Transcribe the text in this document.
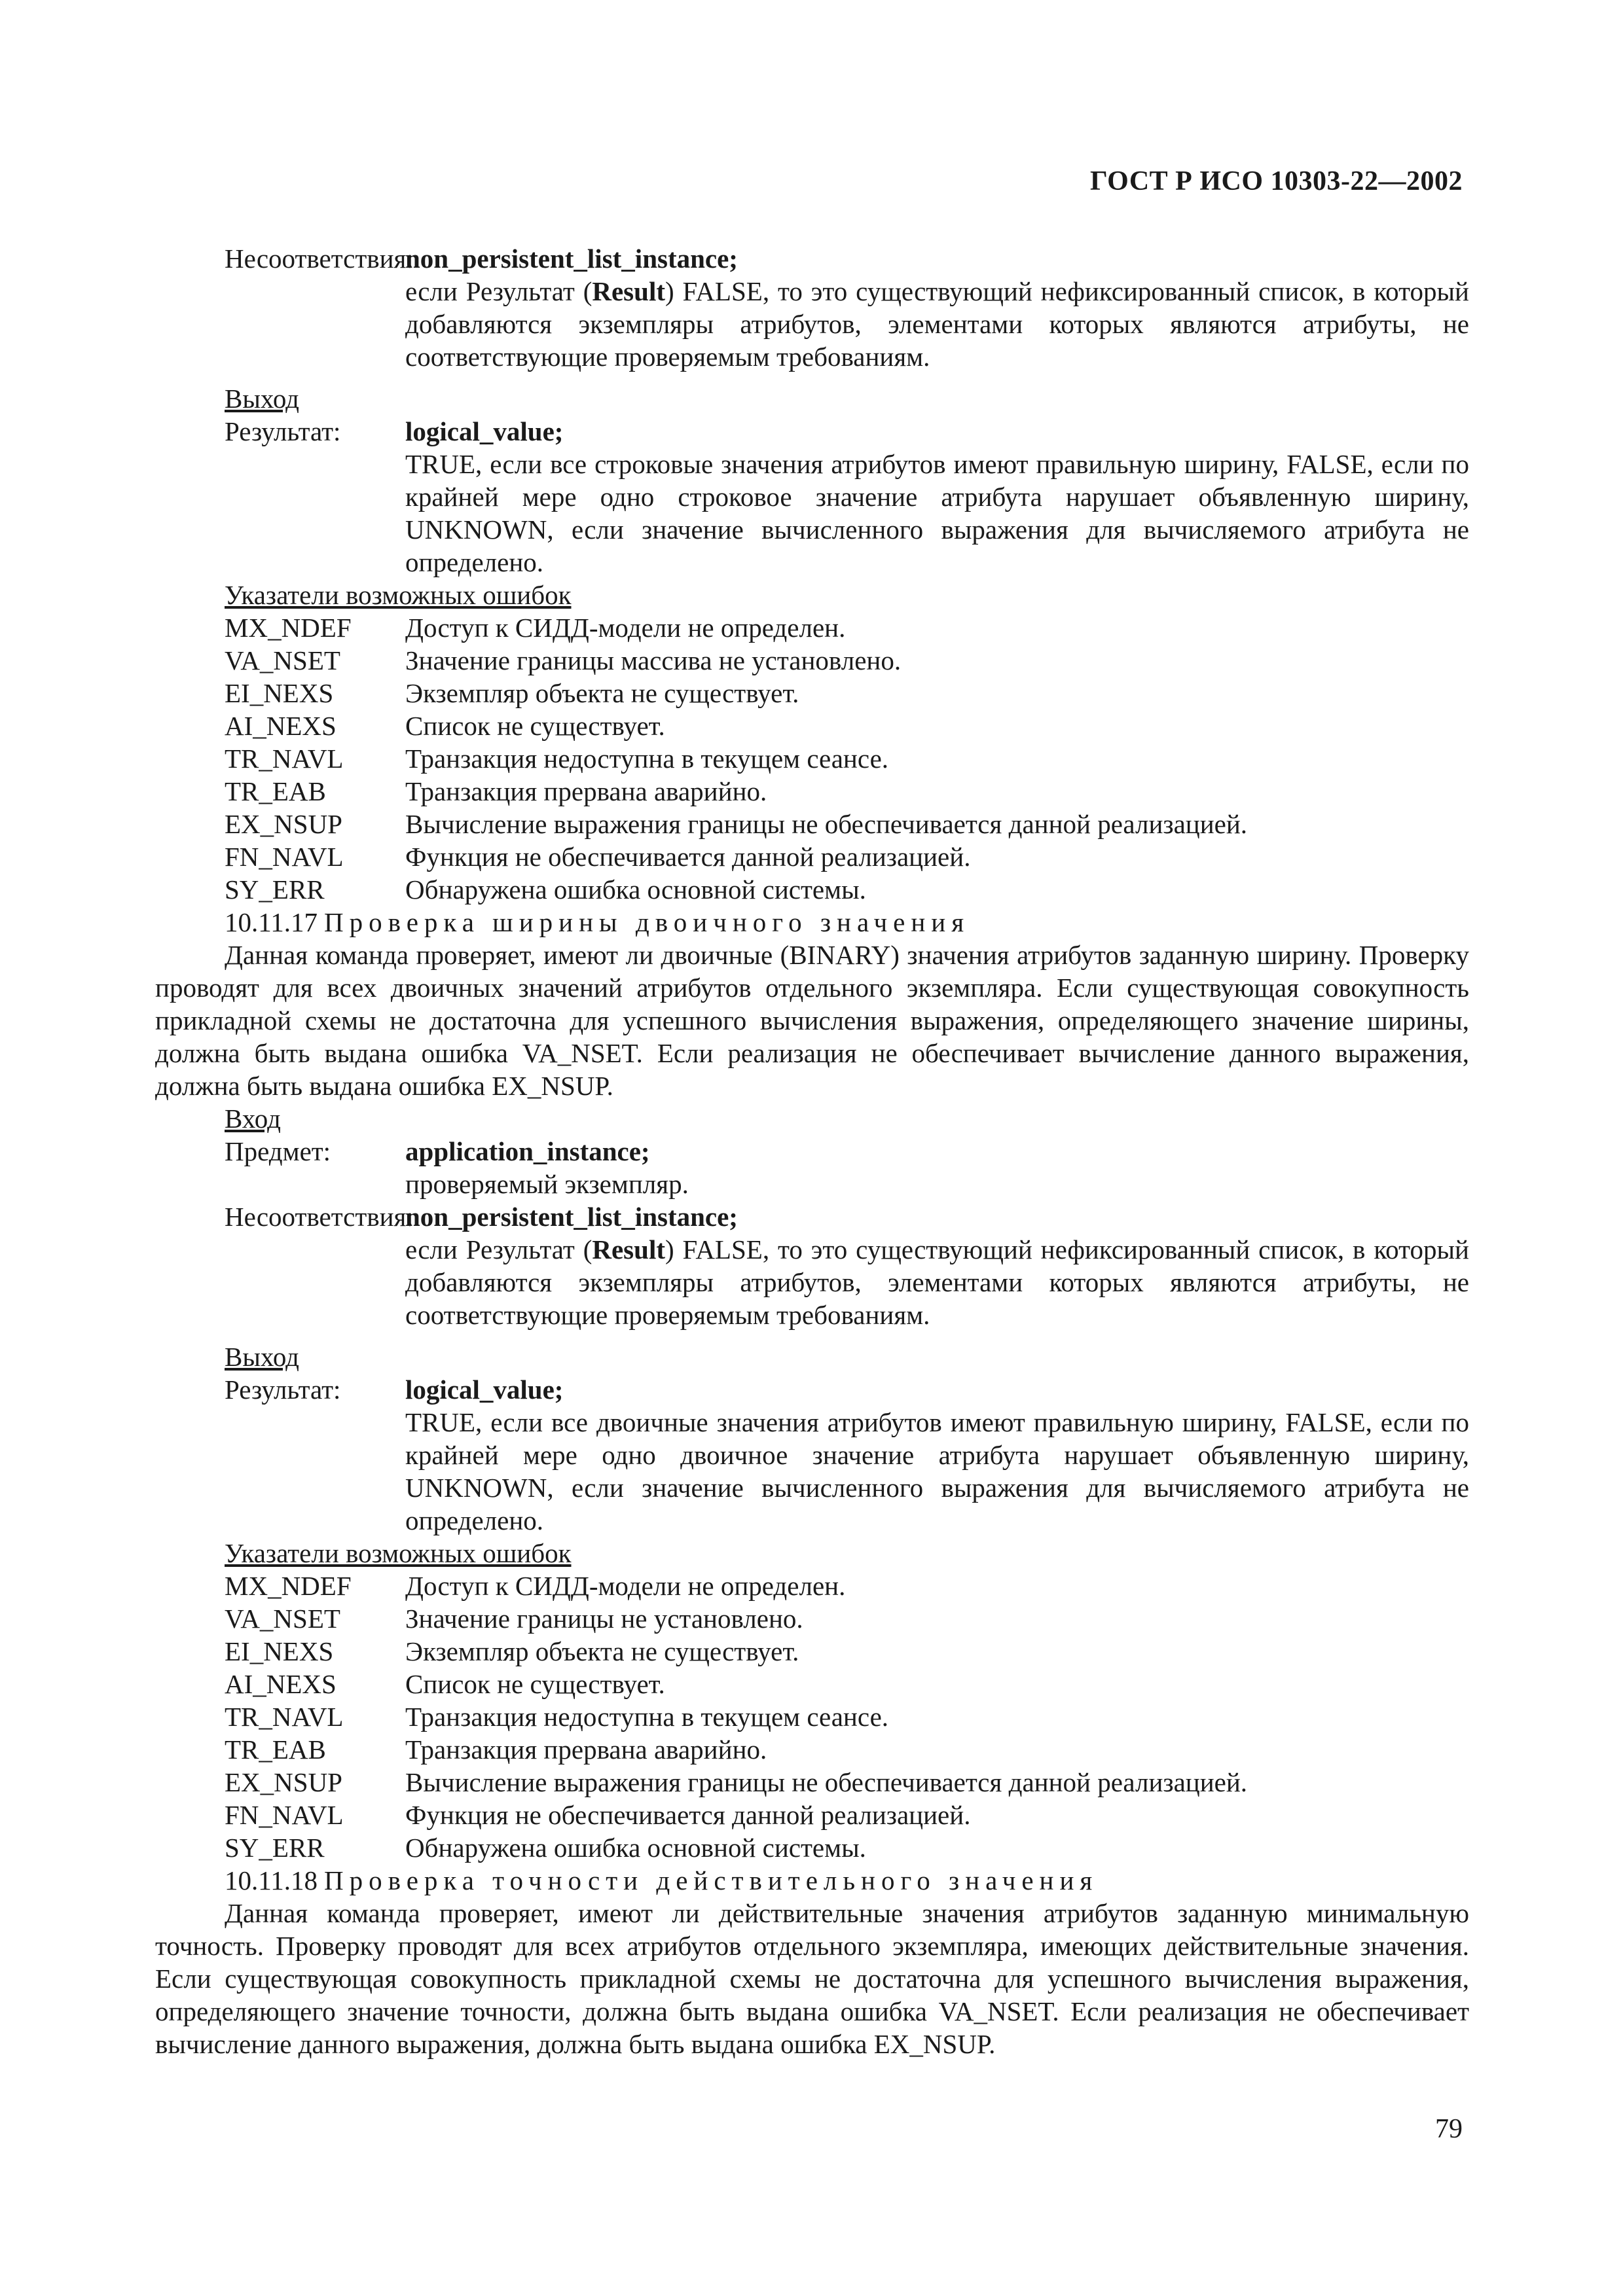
ГОСТ Р ИСО 10303-22—2002
Несоответствия:
non_persistent_list_instance;
если Результат (Result) FALSE, то это существующий нефиксированный список, в который добавляются экземпляры атрибутов, элементами которых являются атрибуты, не соответствующие проверяемым требованиям.
Выход
Результат:	logical_value;
TRUE, если все строковые значения атрибутов имеют правильную ширину, FALSE, если по крайней мере одно строковое значение атрибута нарушает объявленную ширину, UNKNOWN, если значение вычисленного выражения для вычисляемого атрибута не определено.
Указатели возможных ошибок
MX_NDEF	Доступ к СИДД-модели не определен.
VA_NSET	Значение границы массива не установлено.
EI_NEXS	Экземпляр объекта не существует.
AI_NEXS	Список не существует.
TR_NAVL	Транзакция недоступна в текущем сеансе.
TR_EAB	Транзакция прервана аварийно.
EX_NSUP	Вычисление выражения границы не обеспечивается данной реализацией.
FN_NAVL	Функция не обеспечивается данной реализацией.
SY_ERR	Обнаружена ошибка основной системы.
10.11.17 Проверка ширины двоичного значения
Данная команда проверяет, имеют ли двоичные (BINARY) значения атрибутов заданную ширину. Проверку проводят для всех двоичных значений атрибутов отдельного экземпляра. Если существующая совокупность прикладной схемы не достаточна для успешного вычисления выражения, определяющего значение ширины, должна быть выдана ошибка VA_NSET. Если реализация не обеспечивает вычисление данного выражения, должна быть выдана ошибка EX_NSUP.
Вход
Предмет:	application_instance;
проверяемый экземпляр.
Несоответствия:
non_persistent_list_instance;
если Результат (Result) FALSE, то это существующий нефиксированный список, в который добавляются экземпляры атрибутов, элементами которых являются атрибуты, не соответствующие проверяемым требованиям.
Выход
Результат:	logical_value;
TRUE, если все двоичные значения атрибутов имеют правильную ширину, FALSE, если по крайней мере одно двоичное значение атрибута нарушает объявленную ширину, UNKNOWN, если значение вычисленного выражения для вычисляемого атрибута не определено.
Указатели возможных ошибок
MX_NDEF	Доступ к СИДД-модели не определен.
VA_NSET	Значение границы не установлено.
EI_NEXS	Экземпляр объекта не существует.
AI_NEXS	Список не существует.
TR_NAVL	Транзакция недоступна в текущем сеансе.
TR_EAB	Транзакция прервана аварийно.
EX_NSUP	Вычисление выражения границы не обеспечивается данной реализацией.
FN_NAVL	Функция не обеспечивается данной реализацией.
SY_ERR	Обнаружена ошибка основной системы.
10.11.18 Проверка точности действительного значения
Данная команда проверяет, имеют ли действительные значения атрибутов заданную минимальную точность. Проверку проводят для всех атрибутов отдельного экземпляра, имеющих действительные значения. Если существующая совокупность прикладной схемы не достаточна для успешного вычисления выражения, определяющего значение точности, должна быть выдана ошибка VA_NSET. Если реализация не обеспечивает вычисление данного выражения, должна быть выдана ошибка EX_NSUP.
79
